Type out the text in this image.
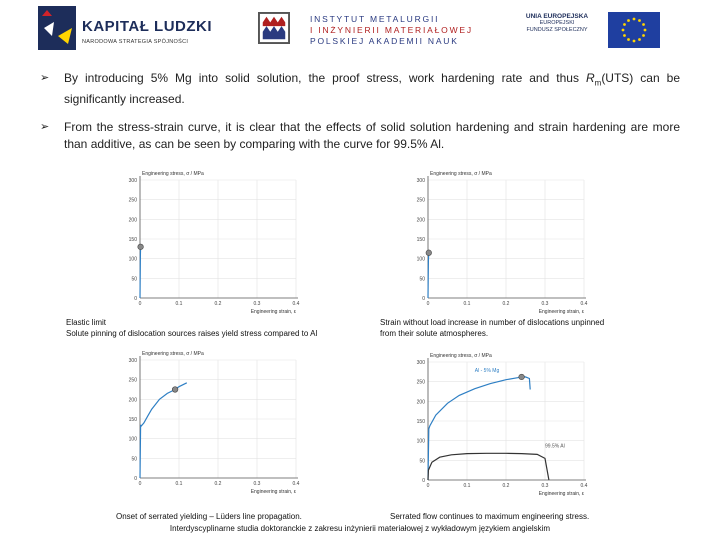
KAPITAŁ LUDZKI
NARODOWA STRATEGIA SPÓJNOŚCI
INSTYTUT METALURGII
I INŻYNIERII MATERIAŁOWEJ
POLSKIEJ AKADEMII NAUK
UNIA EUROPEJSKA
EUROPEJSKI
FUNDUSZ SPOŁECZNY
➢ By introducing 5% Mg into solid solution, the proof stress, work hardening rate and thus $R_m(UTS)$ can be significantly increased.
➢ From the stress-strain curve, it is clear that the effects of solid solution hardening and strain hardening are more than additive, as can be seen by comparing with the curve for 99.5% Al.
0
50
100
150
200
250
300
0	0.1	0.2	0.3	0.4
Engineering stress, σ / MPa
Engineering strain, ε
0
50
100
150
200
250
300
0	0.1	0.2	0.3	0.4
Engineering stress, σ / MPa
Engineering strain, ε
0
50
100
150
200
250
300
0	0.1	0.2	0.3	0.4
Engineering stress, σ / MPa
Engineering strain, ε
0
50
100
150
200
250
300
0	0.1	0.2	0.3	0.4
Engineering stress, σ / MPa
Engineering strain, ε
Al - 5% Mg
99.5% Al
Elastic limit
Solute pinning of dislocation sources raises yield stress compared to Al
Strain without load increase in number of dislocations unpinned
from their solute atmospheres.
Onset of serrated yielding – Lüders line propagation.	Serrated flow continues to maximum engineering stress.
Interdyscyplinarne studia doktoranckie z zakresu inżynierii materiałowej z wykładowym językiem angielskim
